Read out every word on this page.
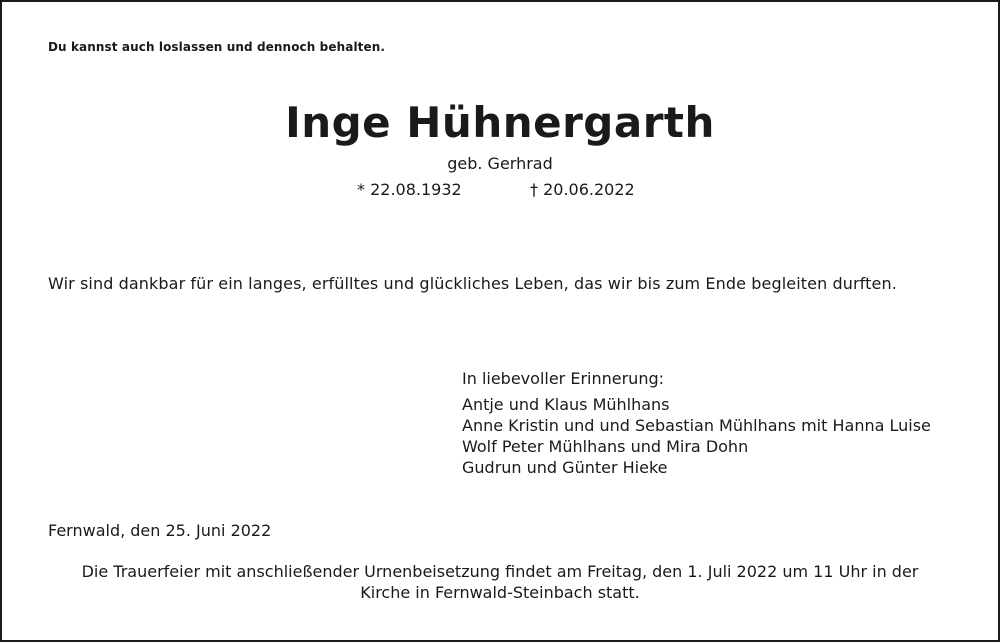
Du kannst auch loslassen und dennoch behalten.
Inge Hühnergarth
geb. Gerhrad
* 22.08.1932	† 20.06.2022
Wir sind dankbar für ein langes, erfülltes und glückliches Leben, das wir bis zum Ende begleiten durften.
In liebevoller Erinnerung:
Antje und Klaus Mühlhans
Anne Kristin und und Sebastian Mühlhans mit Hanna Luise
Wolf Peter Mühlhans und Mira Dohn
Gudrun und Günter Hieke
Fernwald, den 25. Juni 2022
Die Trauerfeier mit anschließender Urnenbeisetzung findet am Freitag, den 1. Juli 2022 um 11 Uhr in der
Kirche in Fernwald-Steinbach statt.
